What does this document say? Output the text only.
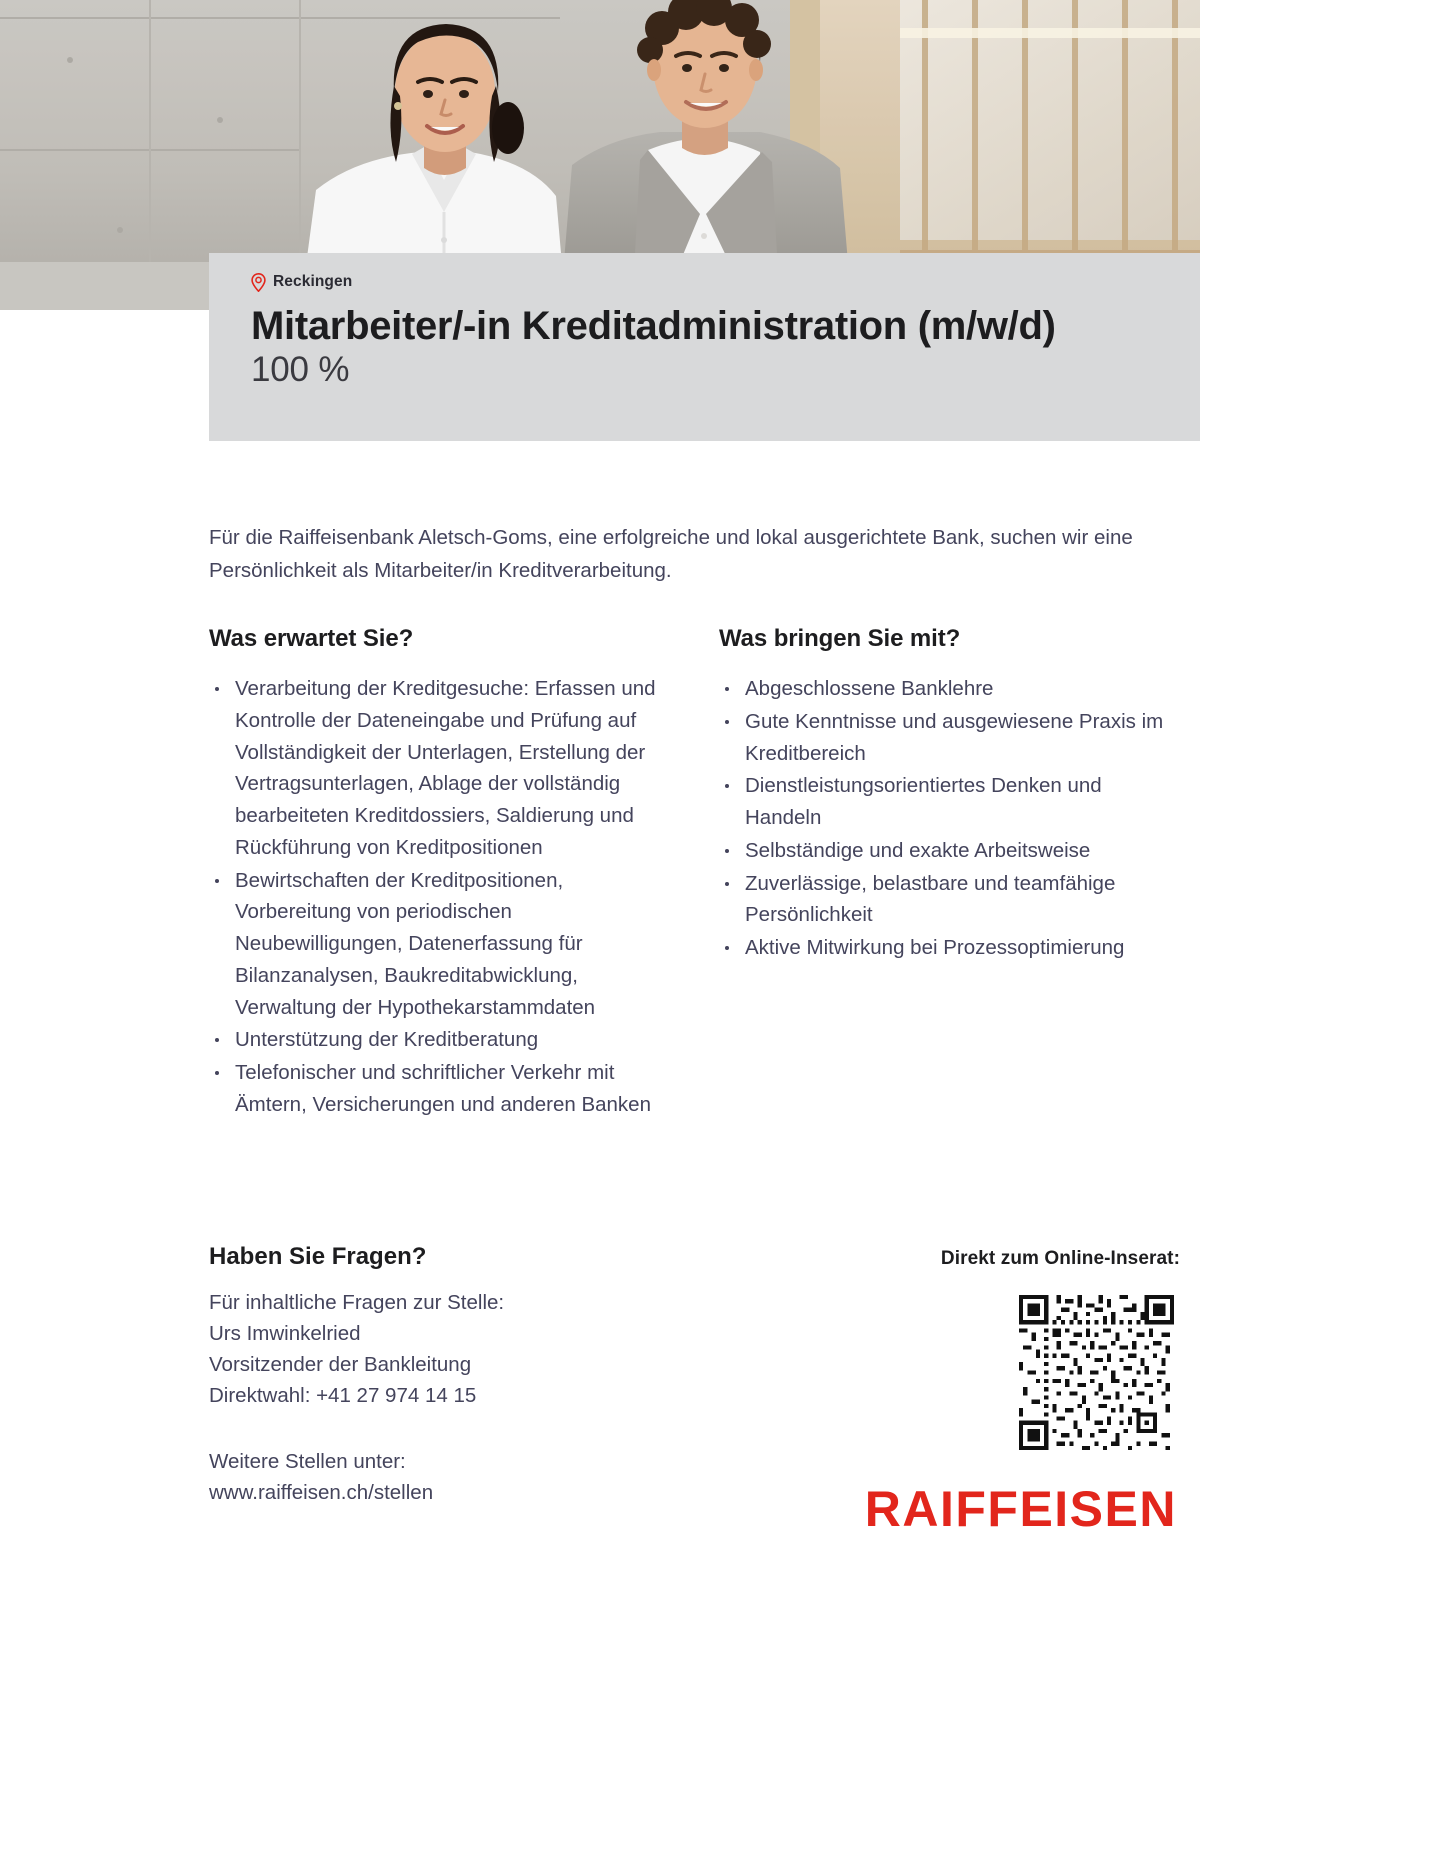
Reckingen
Mitarbeiter/-in Kreditadministration (m/w/d)

100 %

Für die Raiffeisenbank Aletsch-Goms, eine erfolgreiche und lokal ausgerichtete Bank, suchen wir eine Persönlichkeit als Mitarbeiter/in Kreditverarbeitung.

Was erwartet Sie?
Verarbeitung der Kreditgesuche: Erfassen und Kontrolle der Dateneingabe und Prüfung auf Vollständigkeit der Unterlagen, Erstellung der Vertragsunterlagen, Ablage der vollständig bearbeiteten Kreditdossiers, Saldierung und Rückführung von Kreditpositionen
Bewirtschaften der Kreditpositionen, Vorbereitung von periodischen Neubewilligungen, Datenerfassung für Bilanzanalysen, Baukreditabwicklung, Verwaltung der Hypothekarstammdaten
Unterstützung der Kreditberatung
Telefonischer und schriftlicher Verkehr mit Ämtern, Versicherungen und anderen Banken
Was bringen Sie mit?
Abgeschlossene Banklehre
Gute Kenntnisse und ausgewiesene Praxis im Kreditbereich
Dienstleistungsorientiertes Denken und Handeln
Selbständige und exakte Arbeitsweise
Zuverlässige, belastbare und teamfähige Persönlichkeit
Aktive Mitwirkung bei Prozessoptimierung
Haben Sie Fragen?
Für inhaltliche Fragen zur Stelle:
Urs Imwinkelried
Vorsitzender der Bankleitung
Direktwahl: +41 27 974 14 15
Weitere Stellen unter:
www.raiffeisen.ch/stellen
Direkt zum Online-Inserat:

RAIFFEISEN
